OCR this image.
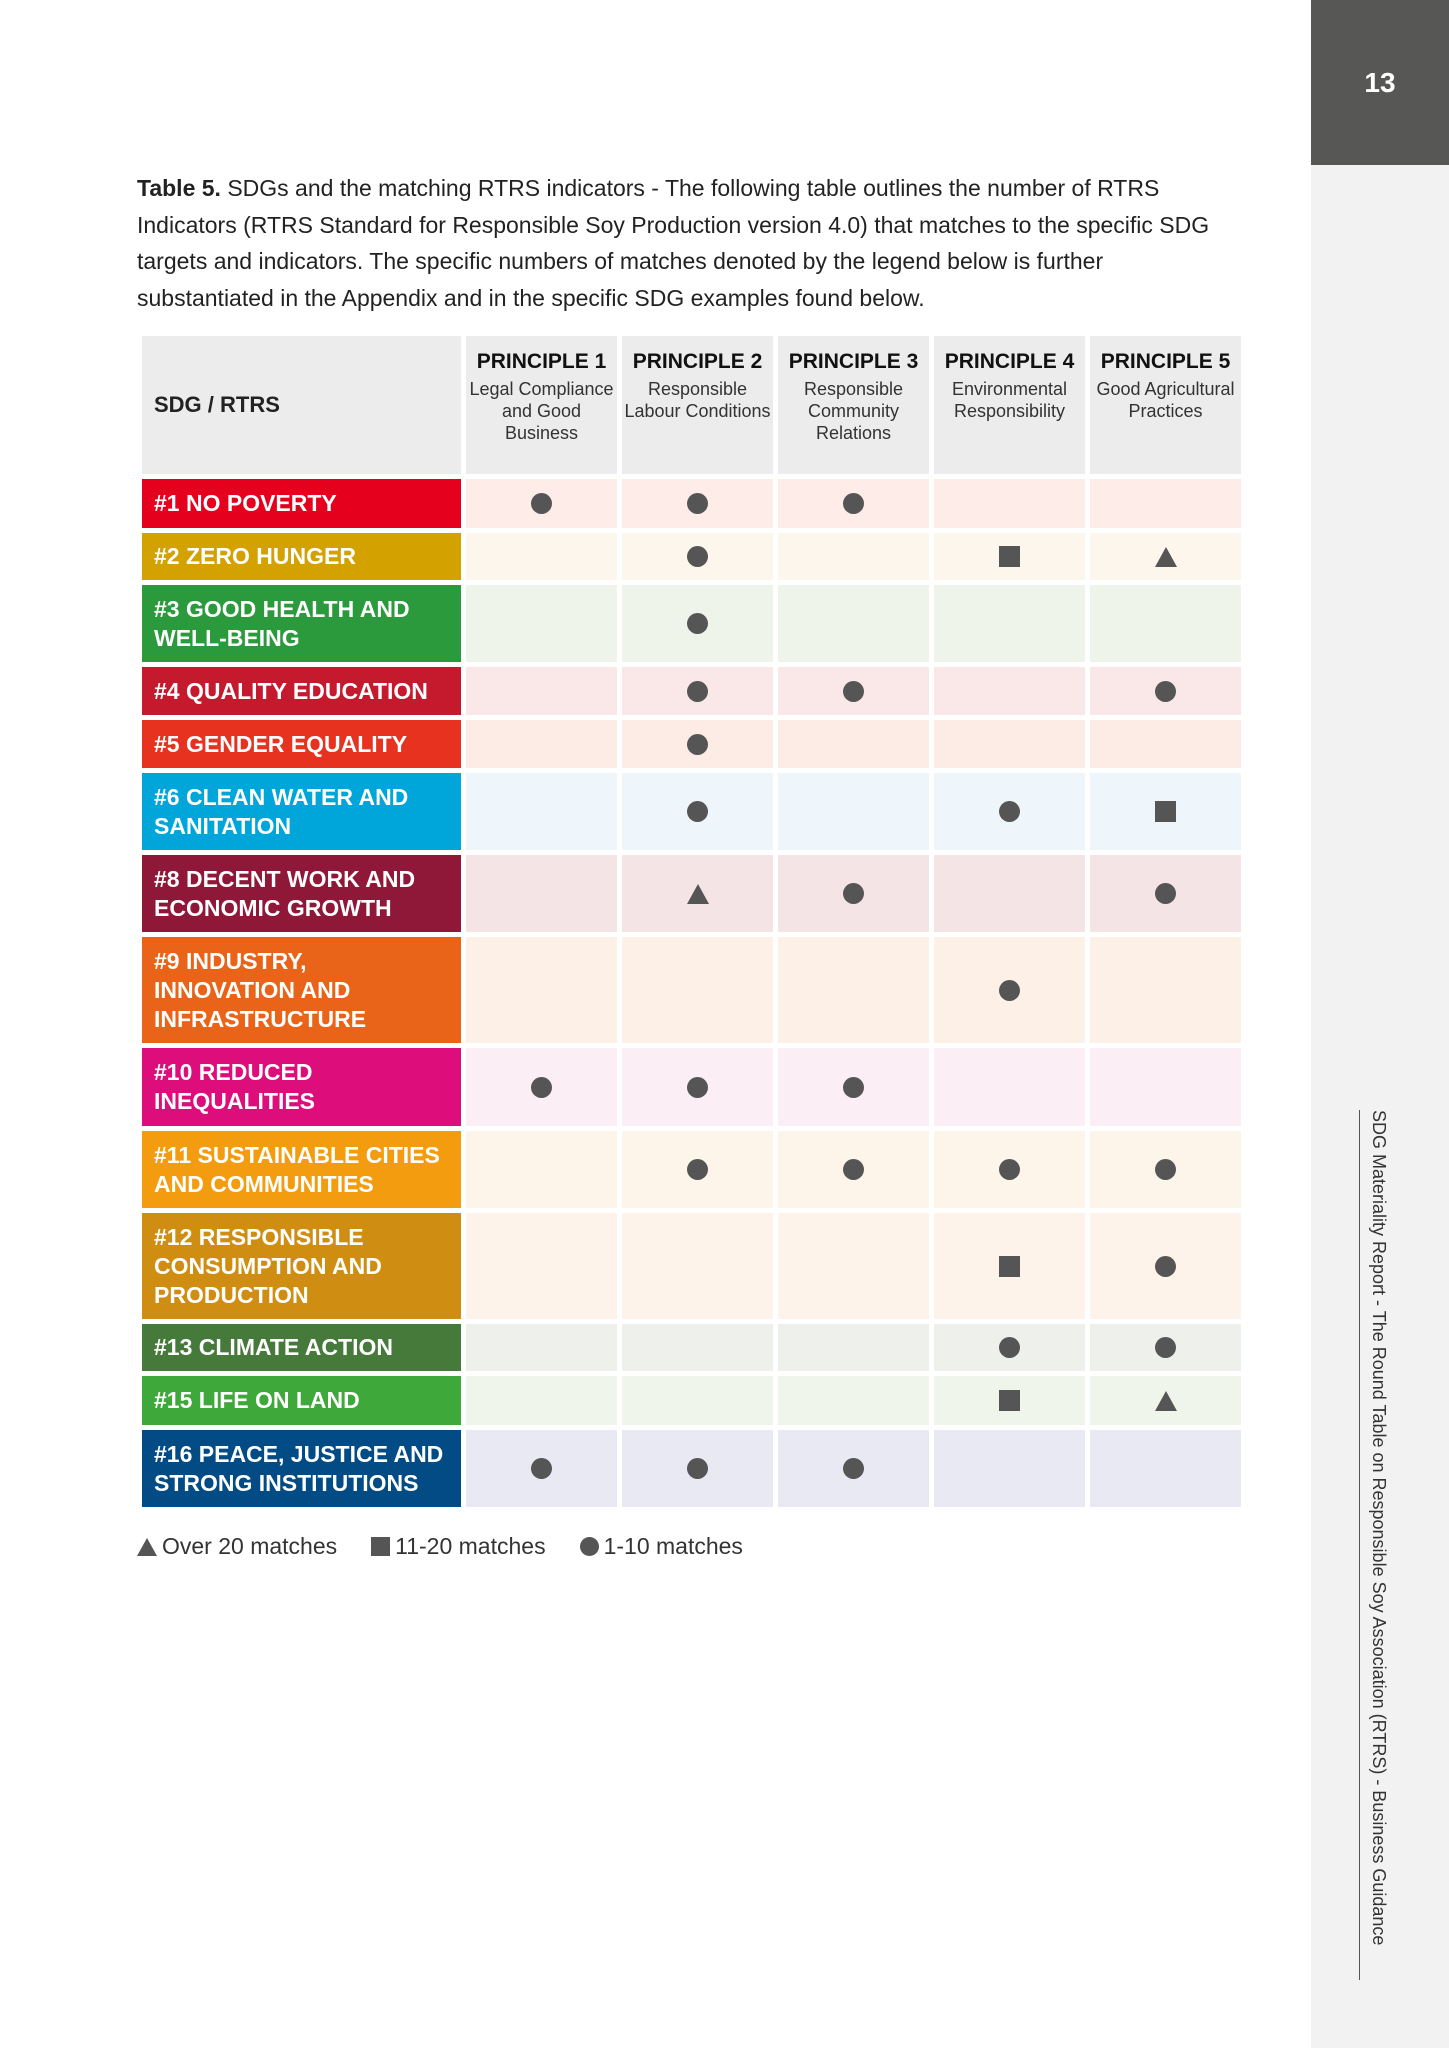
13
SDG Materiality Report - The Round Table on Responsible Soy Association (RTRS) - Business Guidance

Table 5. SDGs and the matching RTRS indicators - The following table outlines the number of RTRS Indicators (RTRS Standard for Responsible Soy Production version 4.0) that matches to the specific SDG targets and indicators. The specific numbers of matches denoted by the legend below is further substantiated in the Appendix and in the specific SDG examples found below.

SDG / RTRS
PRINCIPLE 1
Legal Compliance and Good Business
PRINCIPLE 2
Responsible Labour Conditions
PRINCIPLE 3
Responsible Community Relations
PRINCIPLE 4
Environmental Responsibility
PRINCIPLE 5
Good Agricultural Practices
#1 NO POVERTY
#2 ZERO HUNGER
#3 GOOD HEALTH AND WELL-BEING
#4 QUALITY EDUCATION
#5 GENDER EQUALITY
#6 CLEAN WATER AND SANITATION
#8 DECENT WORK AND ECONOMIC GROWTH
#9 INDUSTRY, INNOVATION AND INFRASTRUCTURE
#10 REDUCED INEQUALITIES
#11 SUSTAINABLE CITIES AND COMMUNITIES
#12 RESPONSIBLE CONSUMPTION AND PRODUCTION
#13 CLIMATE ACTION
#15 LIFE ON LAND
#16 PEACE, JUSTICE AND STRONG INSTITUTIONS
Over 20 matches	11-20 matches	1-10 matches
